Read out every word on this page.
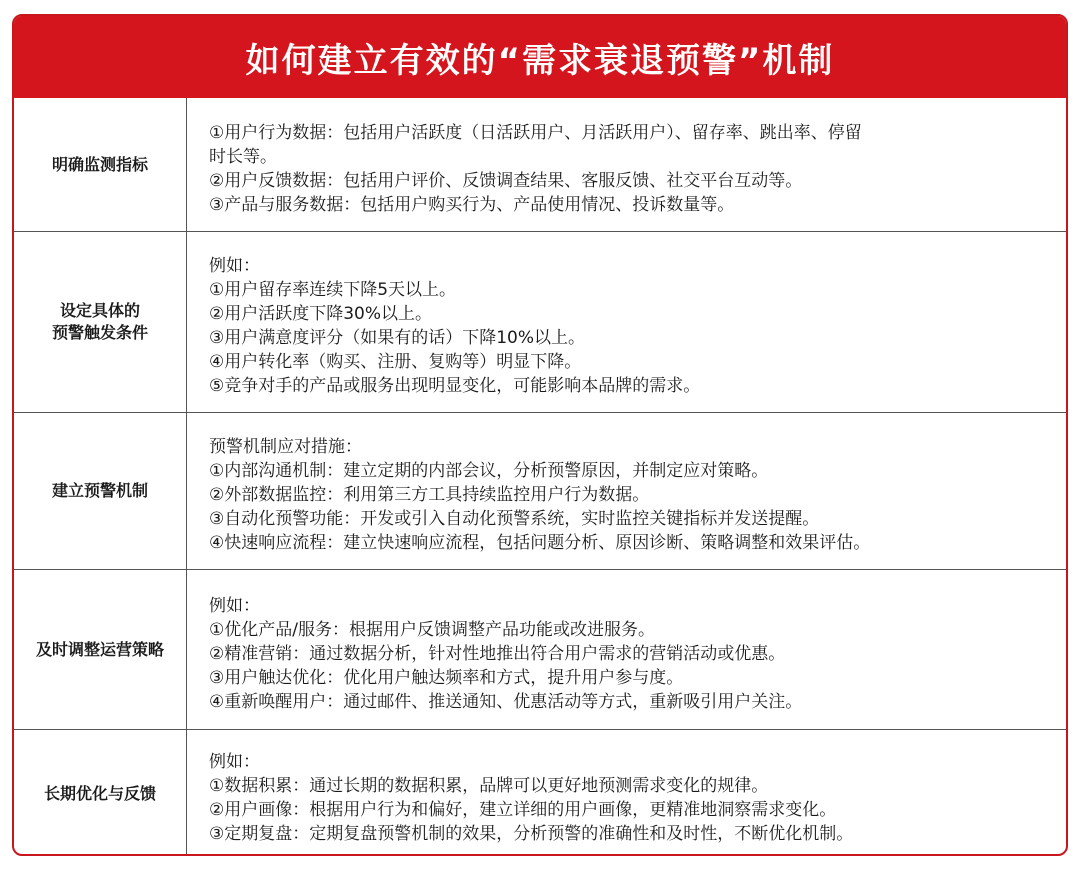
如何建立有效的“需求衰退预警”机制
明确监测指标
①用户行为数据：包括用户活跃度（日活跃用户、月活跃用户）、留存率、跳出率、停留
时长等。
②用户反馈数据：包括用户评价、反馈调查结果、客服反馈、社交平台互动等。
③产品与服务数据：包括用户购买行为、产品使用情况、投诉数量等。
设定具体的
预警触发条件
例如：
①用户留存率连续下降5天以上。
②用户活跃度下降30%以上。
③用户满意度评分（如果有的话）下降10%以上。
④用户转化率（购买、注册、复购等）明显下降。
⑤竞争对手的产品或服务出现明显变化，可能影响本品牌的需求。
建立预警机制
预警机制应对措施：
①内部沟通机制：建立定期的内部会议，分析预警原因，并制定应对策略。
②外部数据监控：利用第三方工具持续监控用户行为数据。
③自动化预警功能：开发或引入自动化预警系统，实时监控关键指标并发送提醒。
④快速响应流程：建立快速响应流程，包括问题分析、原因诊断、策略调整和效果评估。
及时调整运营策略
例如：
①优化产品/服务：根据用户反馈调整产品功能或改进服务。
②精准营销：通过数据分析，针对性地推出符合用户需求的营销活动或优惠。
③用户触达优化：优化用户触达频率和方式，提升用户参与度。
④重新唤醒用户：通过邮件、推送通知、优惠活动等方式，重新吸引用户关注。
长期优化与反馈
例如：
①数据积累：通过长期的数据积累，品牌可以更好地预测需求变化的规律。
②用户画像：根据用户行为和偏好，建立详细的用户画像，更精准地洞察需求变化。
③定期复盘：定期复盘预警机制的效果，分析预警的准确性和及时性，不断优化机制。
